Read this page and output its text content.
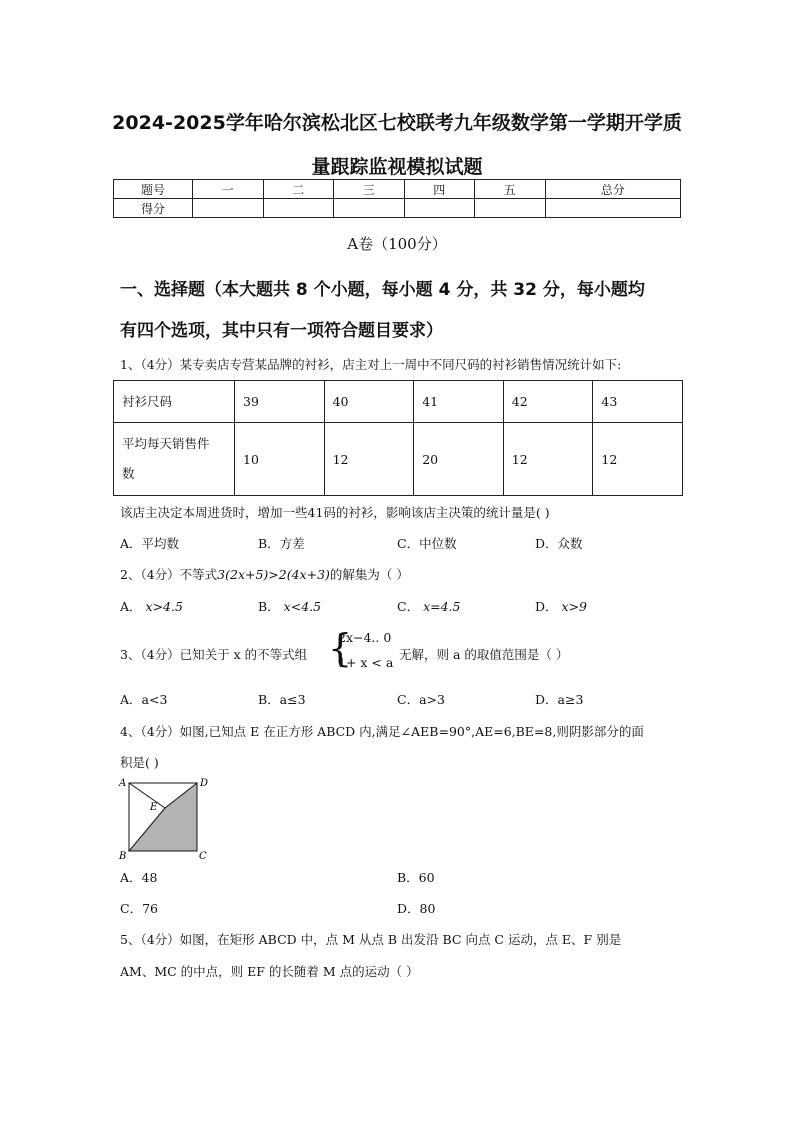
2024-2025学年哈尔滨松北区七校联考九年级数学第一学期开学质
量跟踪监视模拟试题
题号	一	二	三	四	五	总分
得分						
A卷（100分）
一、选择题（本大题共 8 个小题，每小题 4 分，共 32 分，每小题均
有四个选项，其中只有一项符合题目要求）
1、（4分）某专卖店专营某品牌的衬衫，店主对上一周中不同尺码的衬衫销售情况统计如下:
衬衫尺码	39	40	41	42	43
平均每天销售件
数	10	12	20	12	12
该店主决定本周进货时，增加一些41码的衬衫，影响该店主决策的统计量是( )
A．平均数	B．方差	C．中位数	D．众数
2、（4分）不等式3(2x+5)>2(4x+3)的解集为（ ）
A． x>4.5	B． x<4.5	C． x=4.5	D． x>9
3、（4分）已知关于 x 的不等式组 {
2x−4.. 0
1+ x < a
无解，则 a 的取值范围是（ ）
A．a<3	B．a≤3	C．a>3	D．a≥3
4、（4分）如图,已知点 E 在正方形 ABCD 内,满足∠AEB=90°,AE=6,BE=8,则阴影部分的面
积是( )
A	D
B	C
E
A．48	B．60
C．76	D．80
5、（4分）如图，在矩形 ABCD 中，点 M 从点 B 出发沿 BC 向点 C 运动，点 E、F 别是
AM、MC 的中点，则 EF 的长随着 M 点的运动（ ）
